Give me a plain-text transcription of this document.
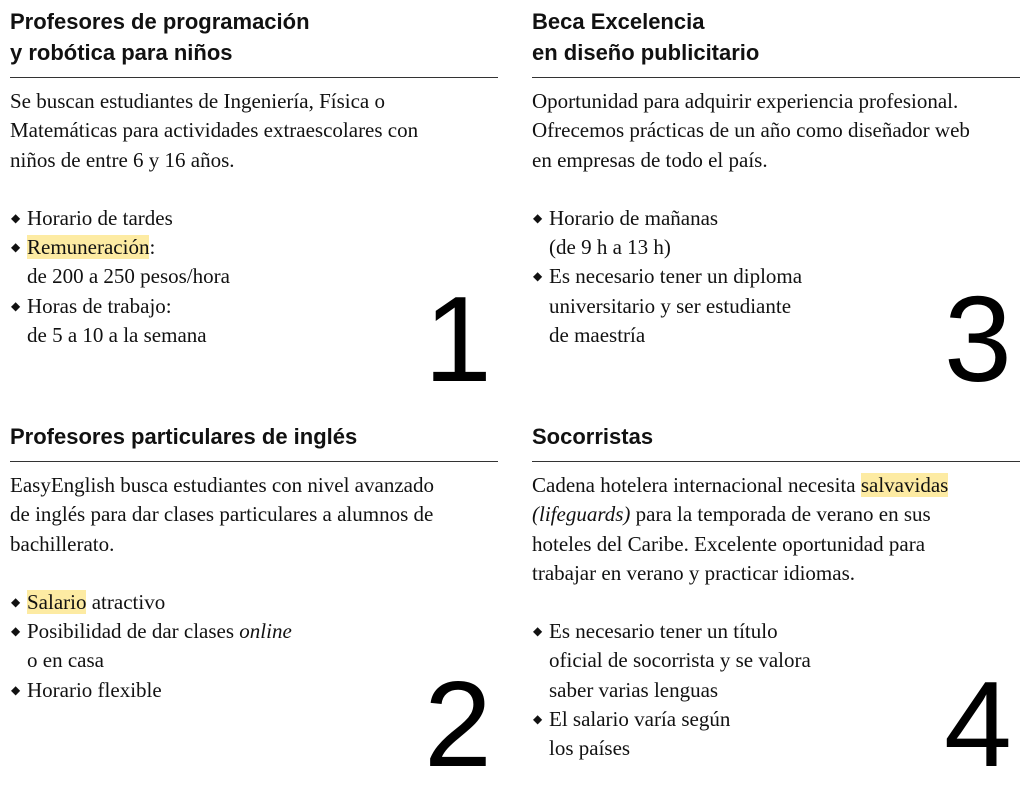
Profesores de programación
y robótica para niños
Se buscan estudiantes de Ingeniería, Física o
Matemáticas para actividades extraescolares con
niños de entre 6 y 16 años.
◆ Horario de tardes
◆ Remuneración:
de 200 a 250 pesos/hora
◆ Horas de trabajo:
de 5 a 10 a la semana
Profesores particulares de inglés
EasyEnglish busca estudiantes con nivel avanzado
de inglés para dar clases particulares a alumnos de
bachillerato.
◆ Salario atractivo
◆ Posibilidad de dar clases online
o en casa
◆ Horario flexible
Beca Excelencia
en diseño publicitario
Oportunidad para adquirir experiencia profesional.
Ofrecemos prácticas de un año como diseñador web
en empresas de todo el país.
◆ Horario de mañanas
(de 9 h a 13 h)
◆ Es necesario tener un diploma
universitario y ser estudiante
de maestría
Socorristas
Cadena hotelera internacional necesita salvavidas
(lifeguards) para la temporada de verano en sus
hoteles del Caribe. Excelente oportunidad para
trabajar en verano y practicar idiomas.
◆ Es necesario tener un título
oficial de socorrista y se valora
saber varias lenguas
◆ El salario varía según
los países
1
2
3
4
